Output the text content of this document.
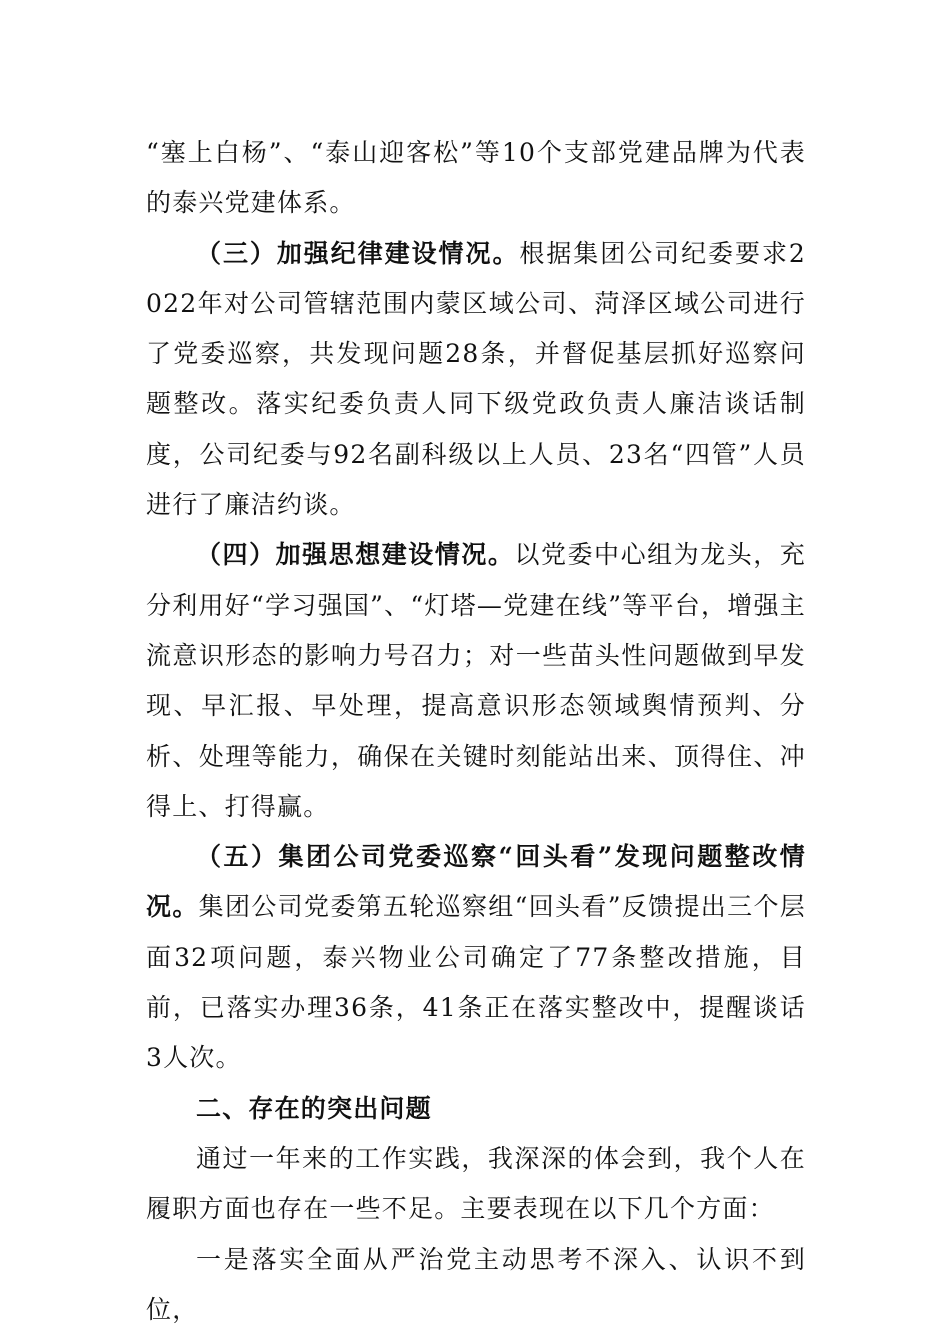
“塞上白杨”、“泰山迎客松”等10个支部党建品牌为代表的泰兴党建体系。

（三）加强纪律建设情况。根据集团公司纪委要求2022年对公司管辖范围内蒙区域公司、菏泽区域公司进行了党委巡察，共发现问题28条，并督促基层抓好巡察问题整改。落实纪委负责人同下级党政负责人廉洁谈话制度，公司纪委与92名副科级以上人员、23名“四管”人员进行了廉洁约谈。

（四）加强思想建设情况。以党委中心组为龙头，充分利用好“学习强国”、“灯塔—党建在线”等平台，增强主流意识形态的影响力号召力；对一些苗头性问题做到早发现、早汇报、早处理，提高意识形态领域舆情预判、分析、处理等能力，确保在关键时刻能站出来、顶得住、冲得上、打得赢。

（五）集团公司党委巡察“回头看”发现问题整改情况。集团公司党委第五轮巡察组“回头看”反馈提出三个层面32项问题，泰兴物业公司确定了77条整改措施，目前，已落实办理36条，41条正在落实整改中，提醒谈话3人次。

二、存在的突出问题

通过一年来的工作实践，我深深的体会到，我个人在履职方面也存在一些不足。主要表现在以下几个方面：

一是落实全面从严治党主动思考不深入、认识不到位，
